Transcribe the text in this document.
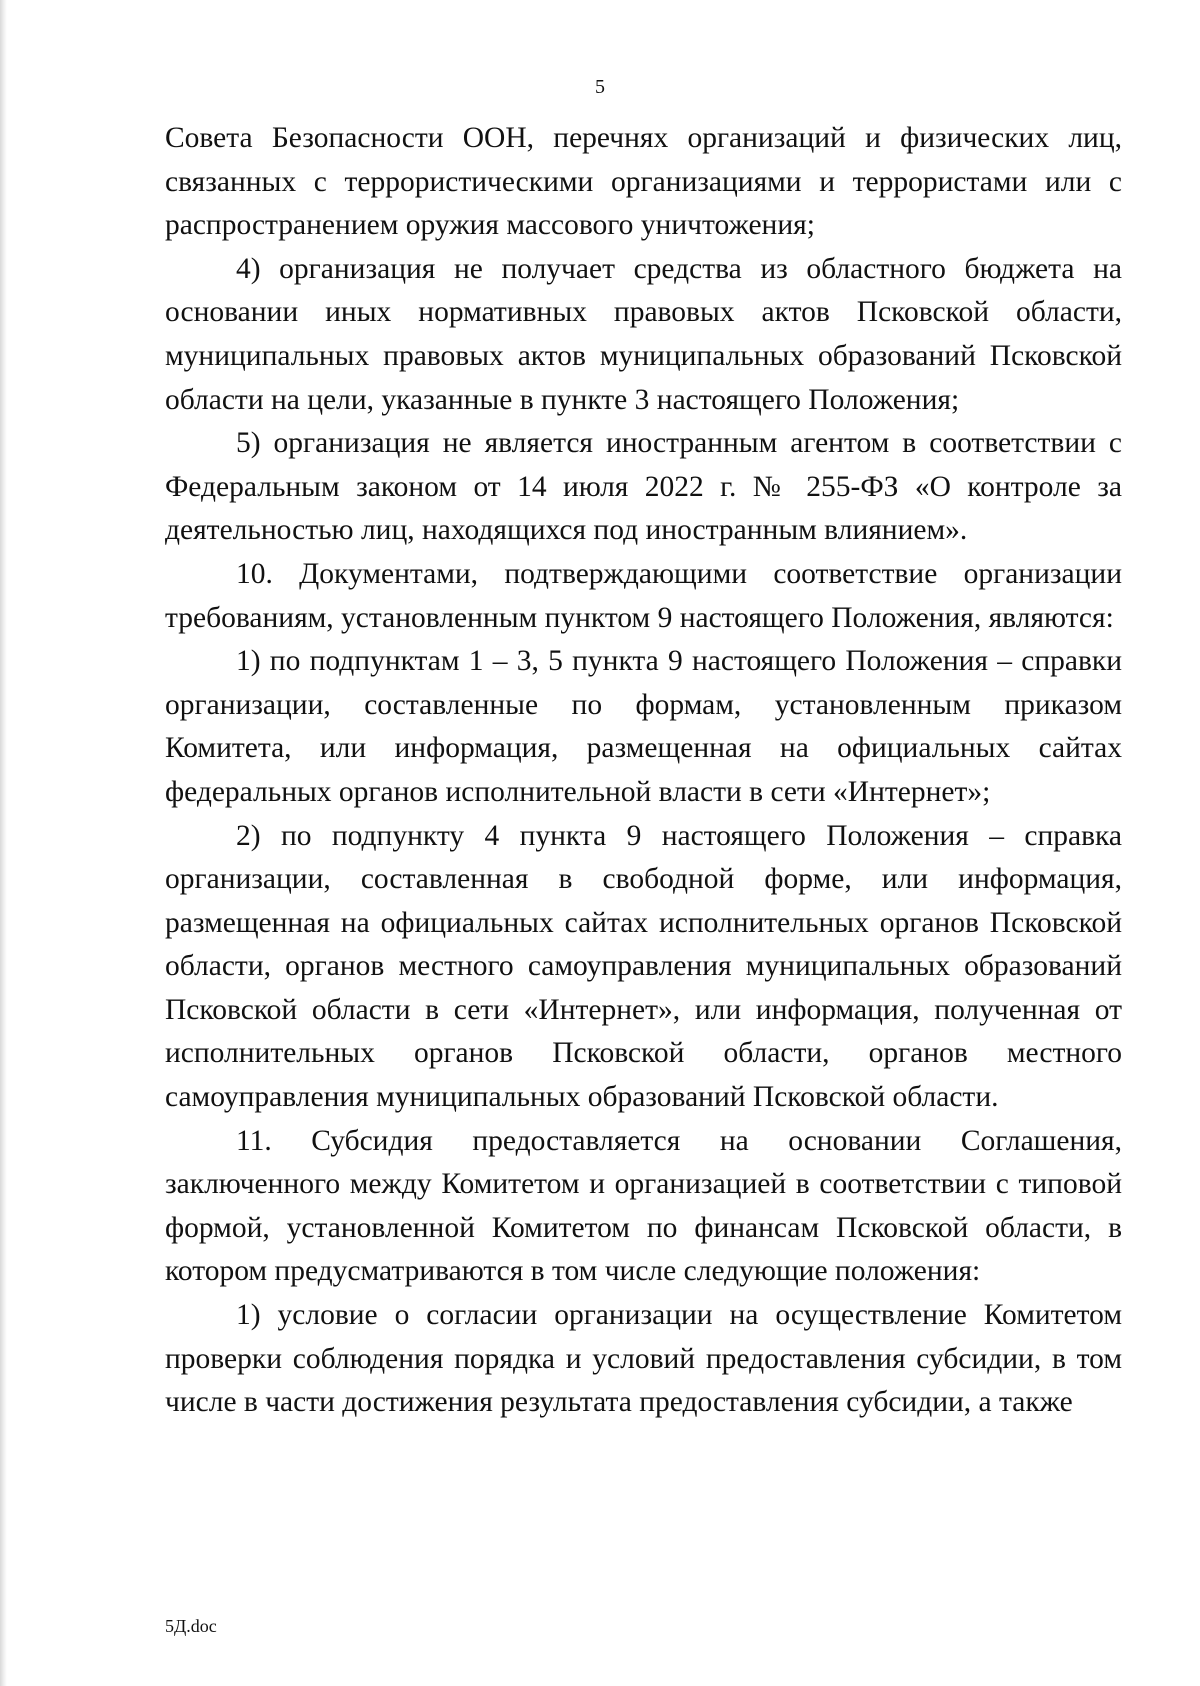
5

Совета Безопасности ООН, перечнях организаций и физических лиц, связанных с террористическими организациями и террористами или с распространением оружия массового уничтожения;

4) организация не получает средства из областного бюджета на основании иных нормативных правовых актов Псковской области, муниципальных правовых актов муниципальных образований Псковской области на цели, указанные в пункте 3 настоящего Положения;

5) организация не является иностранным агентом в соответствии с Федеральным законом от 14 июля 2022 г. № 255-ФЗ «О контроле за деятельностью лиц, находящихся под иностранным влиянием».

10. Документами, подтверждающими соответствие организации требованиям, установленным пунктом 9 настоящего Положения, являются:

1) по подпунктам 1 – 3, 5 пункта 9 настоящего Положения – справки организации, составленные по формам, установленным приказом Комитета, или информация, размещенная на официальных сайтах федеральных органов исполнительной власти в сети «Интернет»;

2) по подпункту 4 пункта 9 настоящего Положения – справка организации, составленная в свободной форме, или информация, размещенная на официальных сайтах исполнительных органов Псковской области, органов местного самоуправления муниципальных образований Псковской области в сети «Интернет», или информация, полученная от исполнительных органов Псковской области, органов местного самоуправления муниципальных образований Псковской области.

11. Субсидия предоставляется на основании Соглашения, заключенного между Комитетом и организацией в соответствии с типовой формой, установленной Комитетом по финансам Псковской области, в котором предусматриваются в том числе следующие положения:

1) условие о согласии организации на осуществление Комитетом проверки соблюдения порядка и условий предоставления субсидии, в том числе в части достижения результата предоставления субсидии, а также

5Д.doc
